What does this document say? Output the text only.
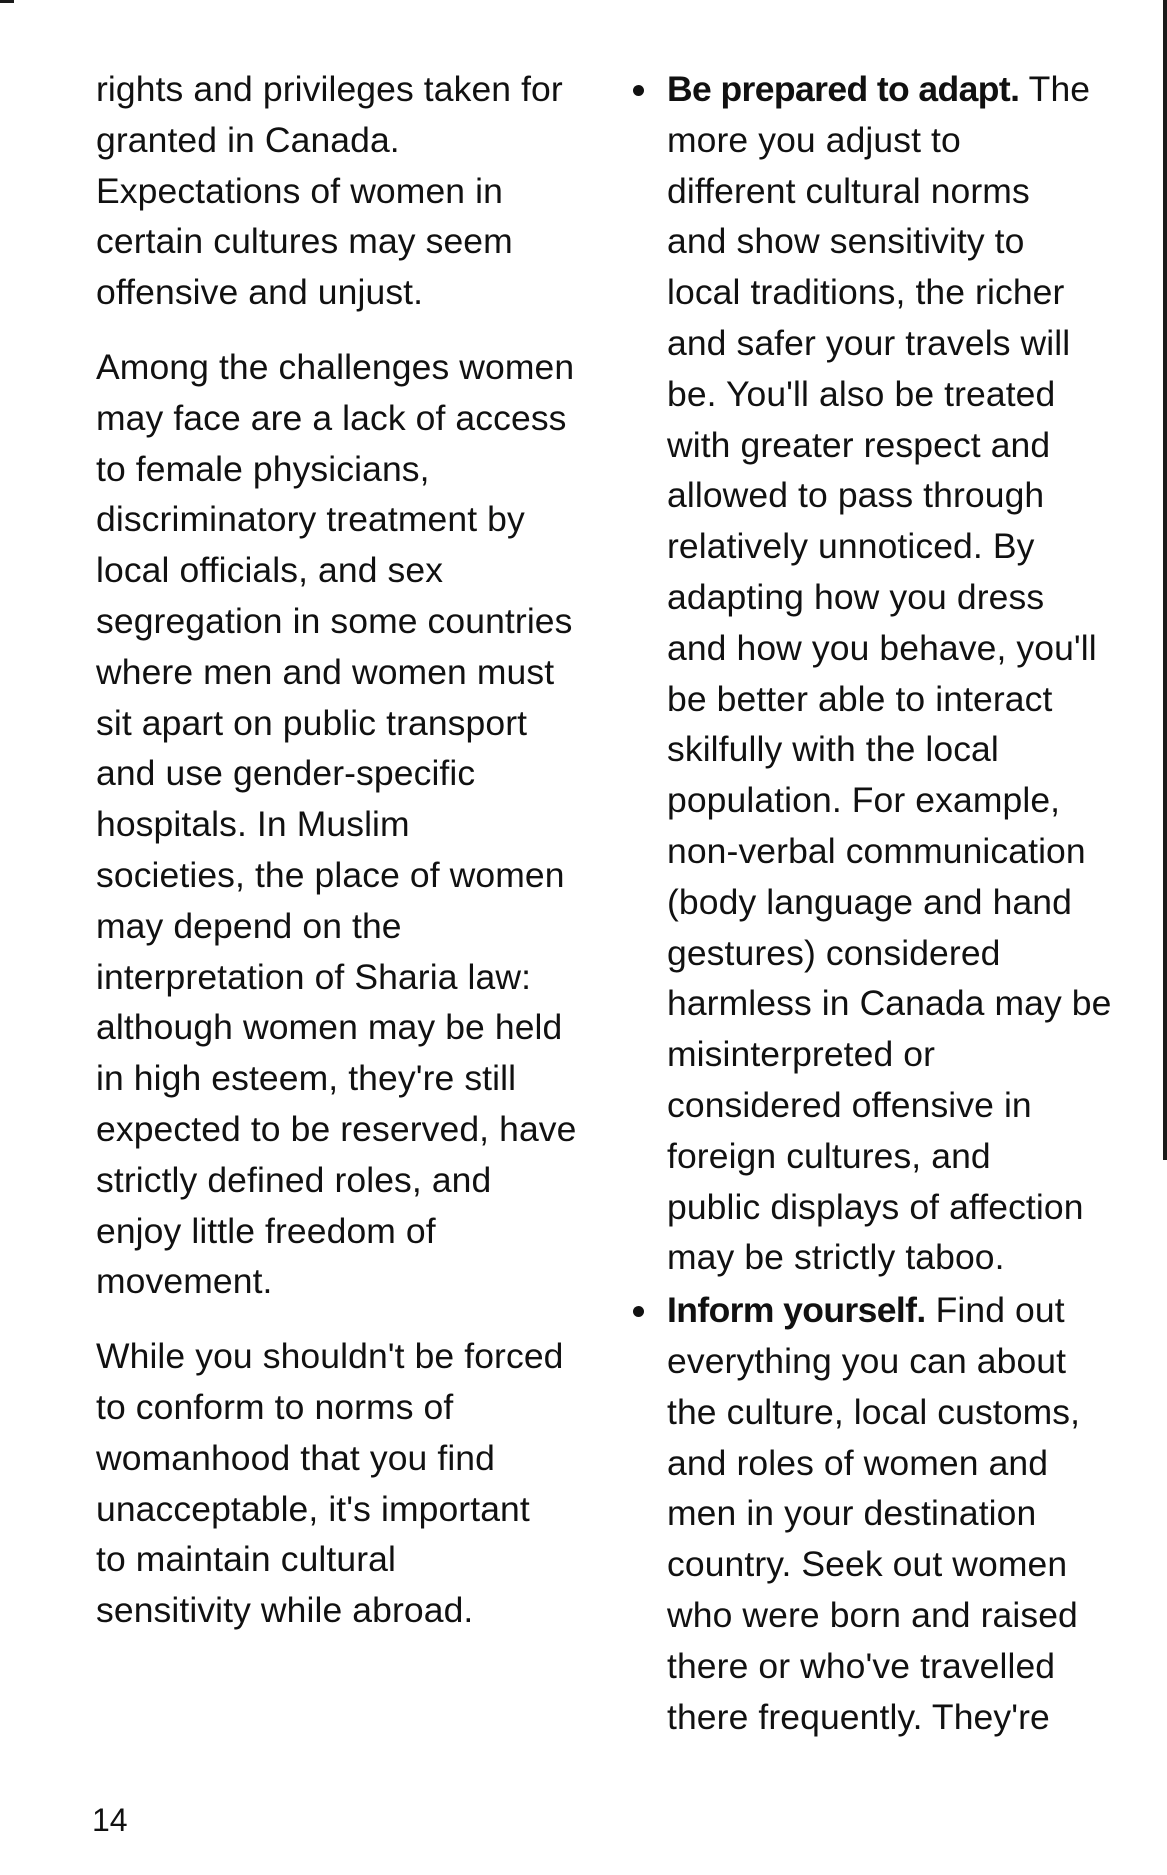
rights and privileges taken for
granted in Canada.
Expectations of women in
certain cultures may seem
offensive and unjust.

Among the challenges women
may face are a lack of access
to female physicians,
discriminatory treatment by
local officials, and sex
segregation in some countries
where men and women must
sit apart on public transport
and use gender-specific
hospitals. In Muslim
societies, the place of women
may depend on the
interpretation of Sharia law:
although women may be held
in high esteem, they're still
expected to be reserved, have
strictly defined roles, and
enjoy little freedom of
movement.

While you shouldn't be forced
to conform to norms of
womanhood that you find
unacceptable, it's important
to maintain cultural
sensitivity while abroad.

Be prepared to adapt. The
more you adjust to
different cultural norms
and show sensitivity to
local traditions, the richer
and safer your travels will
be. You'll also be treated
with greater respect and
allowed to pass through
relatively unnoticed. By
adapting how you dress
and how you behave, you'll
be better able to interact
skilfully with the local
population. For example,
non-verbal communication
(body language and hand
gestures) considered
harmless in Canada may be
misinterpreted or
considered offensive in
foreign cultures, and
public displays of affection
may be strictly taboo.
Inform yourself. Find out
everything you can about
the culture, local customs,
and roles of women and
men in your destination
country. Seek out women
who were born and raised
there or who've travelled
there frequently. They're
14
